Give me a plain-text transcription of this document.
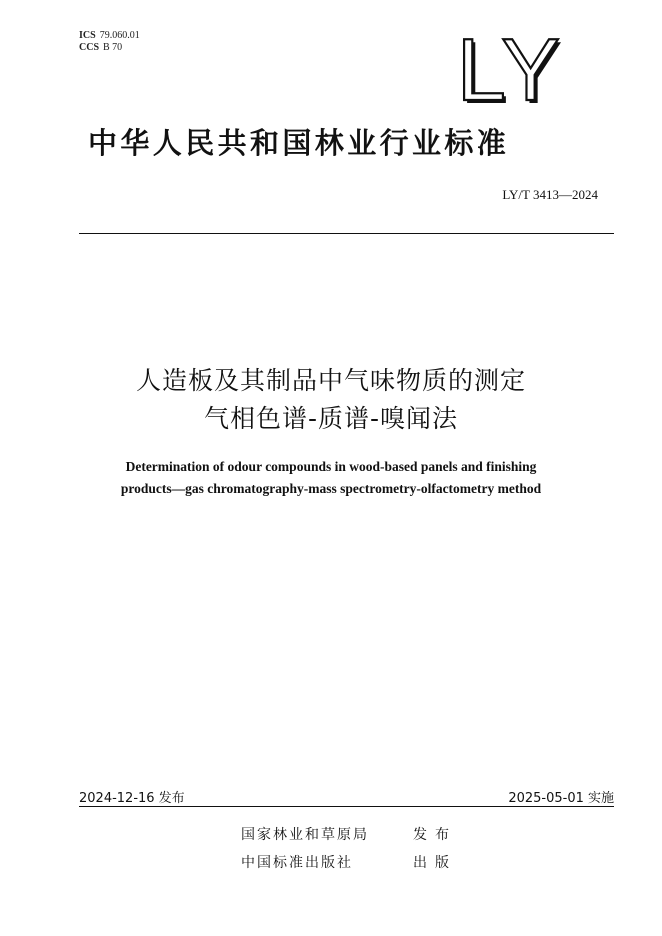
ICS 79.060.01
CCS B 70	LY
中华人民共和国林业行业标准
LY/T 3413—2024
人造板及其制品中气味物质的测定
气相色谱-质谱-嗅闻法
Determination of odour compounds in wood-based panels and finishing
products—gas chromatography-mass spectrometry-olfactometry method
2024-12-16 发布	2025-05-01 实施
国家林业和草原局	发布
中国标准出版社	出版
